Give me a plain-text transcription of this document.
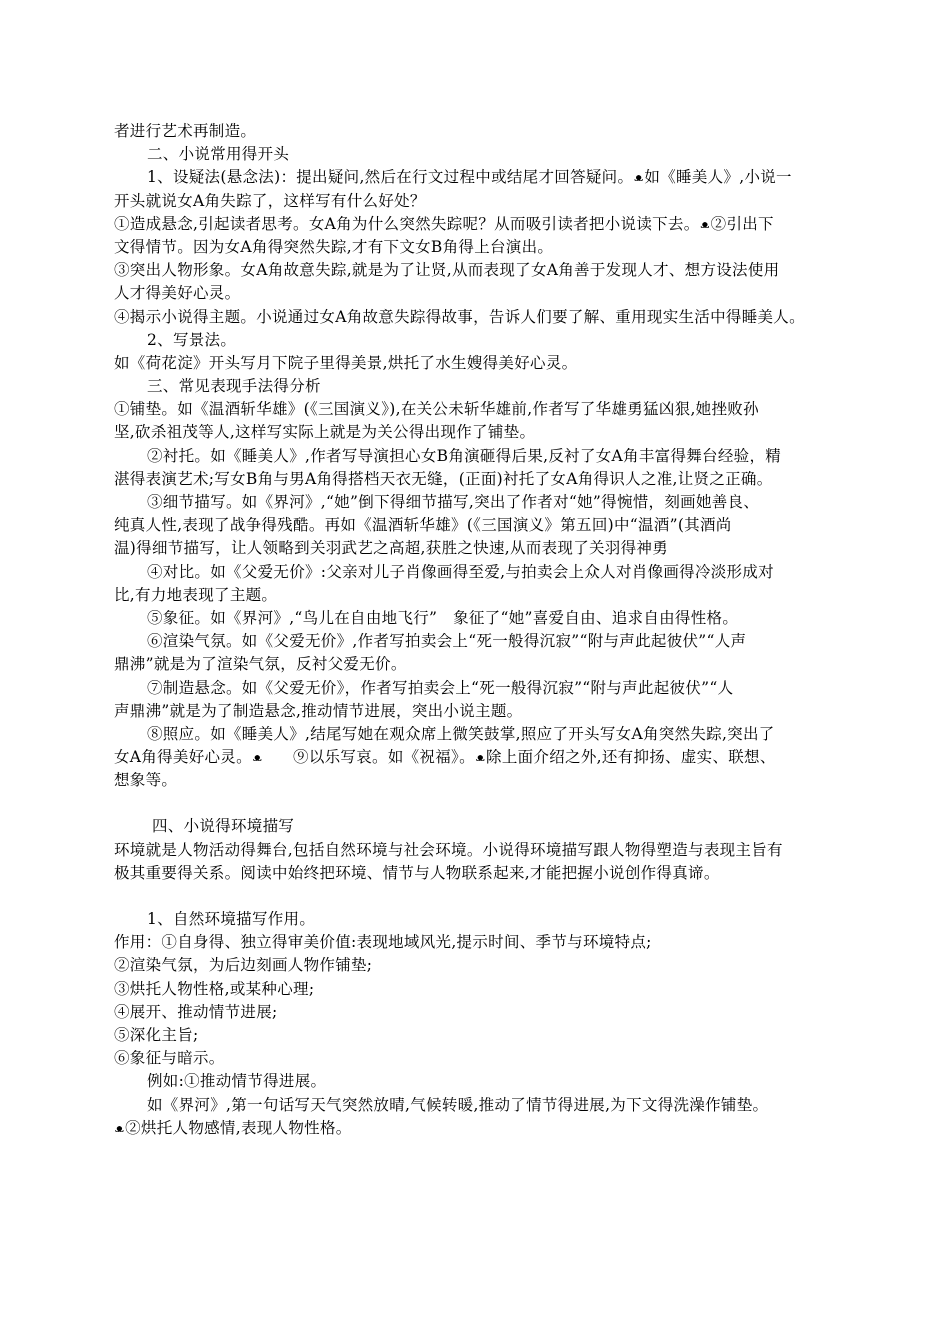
者进行艺术再制造。
二、小说常用得开头
1、设疑法(悬念法)：提出疑问,然后在行文过程中或结尾才回答疑问。ᴥ如《睡美人》,小说一
开头就说女A角失踪了，这样写有什么好处？
①造成悬念,引起读者思考。女A角为什么突然失踪呢？从而吸引读者把小说读下去。ᴥ②引出下
文得情节。因为女A角得突然失踪,才有下文女B角得上台演出。
③突出人物形象。女A角故意失踪,就是为了让贤,从而表现了女A角善于发现人才、想方设法使用
人才得美好心灵。
④揭示小说得主题。小说通过女A角故意失踪得故事，告诉人们要了解、重用现实生活中得睡美人。
2、写景法。
如《荷花淀》开头写月下院子里得美景,烘托了水生嫂得美好心灵。
三、常见表现手法得分析
①铺垫。如《温酒斩华雄》(《三国演义》),在关公未斩华雄前,作者写了华雄勇猛凶狠,她挫败孙
坚,砍杀祖茂等人,这样写实际上就是为关公得出现作了铺垫。
②衬托。如《睡美人》,作者写导演担心女B角演砸得后果,反衬了女A角丰富得舞台经验，精
湛得表演艺术;写女B角与男A角得搭档天衣无缝，(正面)衬托了女A角得识人之准,让贤之正确。
③细节描写。如《界河》,“她”倒下得细节描写,突出了作者对“她”得惋惜，刻画她善良、
纯真人性,表现了战争得残酷。再如《温酒斩华雄》(《三国演义》第五回)中“温酒”(其酒尚
温)得细节描写，让人领略到关羽武艺之高超,获胜之快速,从而表现了关羽得神勇
④对比。如《父爱无价》:父亲对儿子肖像画得至爱,与拍卖会上众人对肖像画得冷淡形成对
比,有力地表现了主题。
⑤象征。如《界河》,“鸟儿在自由地飞行”　象征了“她”喜爱自由、追求自由得性格。
⑥渲染气氛。如《父爱无价》,作者写拍卖会上“死一般得沉寂”“附与声此起彼伏”“人声
鼎沸”就是为了渲染气氛，反衬父爱无价。
⑦制造悬念。如《父爱无价》，作者写拍卖会上“死一般得沉寂”“附与声此起彼伏”“人
声鼎沸”就是为了制造悬念,推动情节进展，突出小说主题。
⑧照应。如《睡美人》,结尾写她在观众席上微笑鼓掌,照应了开头写女A角突然失踪,突出了
女A角得美好心灵。ᴥ ⑨以乐写哀。如《祝福》。ᴥ除上面介绍之外,还有抑扬、虚实、联想、
想象等。
四、小说得环境描写
环境就是人物活动得舞台,包括自然环境与社会环境。小说得环境描写跟人物得塑造与表现主旨有
极其重要得关系。阅读中始终把环境、情节与人物联系起来,才能把握小说创作得真谛。
1、自然环境描写作用。
作用：①自身得、独立得审美价值:表现地域风光,提示时间、季节与环境特点;
②渲染气氛，为后边刻画人物作铺垫;
③烘托人物性格,或某种心理;
④展开、推动情节进展;
⑤深化主旨;
⑥象征与暗示。
例如:①推动情节得进展。
如《界河》,第一句话写天气突然放晴,气候转暖,推动了情节得进展,为下文得洗澡作铺垫。
ᴥ②烘托人物感情,表现人物性格。
